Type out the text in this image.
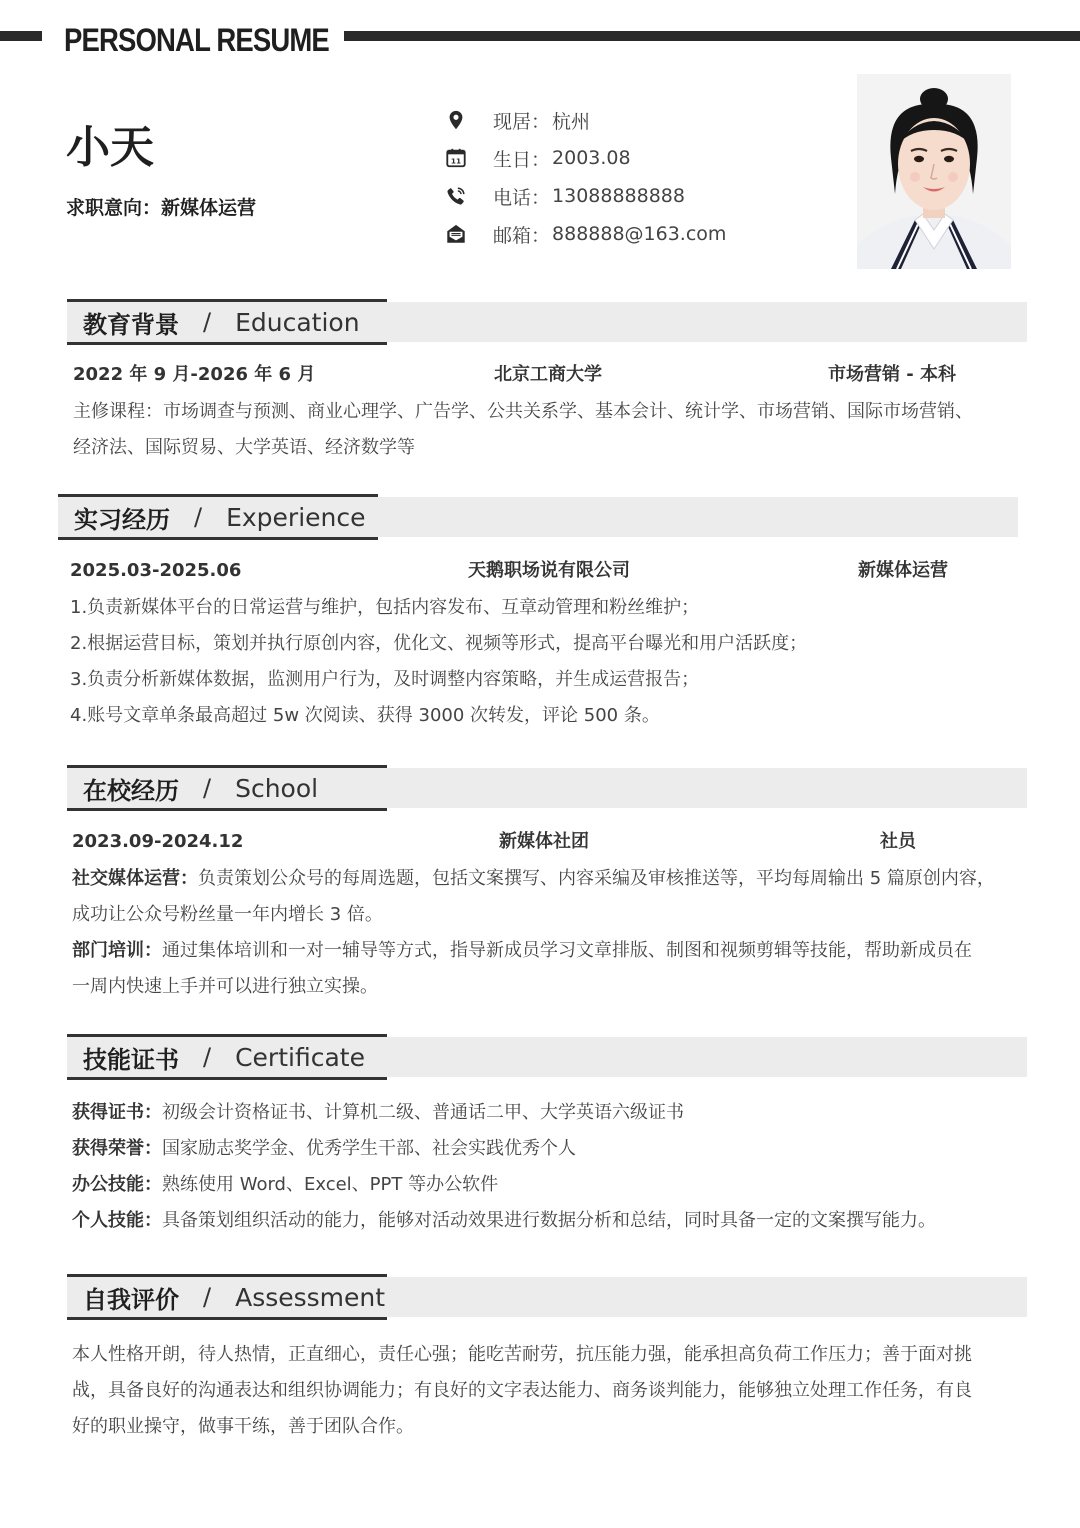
PERSONAL RESUME
小天
求职意向：新媒体运营
现居： 杭州
11 生日： 2003.08
电话： 13088888888
邮箱： 888888@163.com
教育背景 / Education
2022 年 9 月-2026 年 6 月	北京工商大学	市场营销 - 本科
主修课程：市场调查与预测、商业心理学、广告学、公共关系学、基本会计、统计学、市场营销、国际市场营销、
经济法、国际贸易、大学英语、经济数学等
实习经历 / Experience
2025.03-2025.06	天鹅职场说有限公司	新媒体运营
1.负责新媒体平台的日常运营与维护，包括内容发布、互章动管理和粉丝维护；
2.根据运营目标，策划并执行原创内容，优化文、视频等形式，提高平台曝光和用户活跃度；
3.负责分析新媒体数据，监测用户行为，及时调整内容策略，并生成运营报告；
4.账号文章单条最高超过 5w 次阅读、获得 3000 次转发，评论 500 条。
在校经历 / School
2023.09-2024.12	新媒体社团	社员
社交媒体运营：负责策划公众号的每周选题，包括文案撰写、内容采编及审核推送等，平均每周输出 5 篇原创内容，
成功让公众号粉丝量一年内增长 3 倍。
部门培训：通过集体培训和一对一辅导等方式，指导新成员学习文章排版、制图和视频剪辑等技能，帮助新成员在
一周内快速上手并可以进行独立实操。
技能证书 / Certificate
获得证书：初级会计资格证书、计算机二级、普通话二甲、大学英语六级证书
获得荣誉：国家励志奖学金、优秀学生干部、社会实践优秀个人
办公技能：熟练使用 Word、Excel、PPT 等办公软件
个人技能：具备策划组织活动的能力，能够对活动效果进行数据分析和总结，同时具备一定的文案撰写能力。
自我评价 / Assessment
本人性格开朗，待人热情，正直细心，责任心强；能吃苦耐劳，抗压能力强，能承担高负荷工作压力；善于面对挑
战，具备良好的沟通表达和组织协调能力；有良好的文字表达能力、商务谈判能力，能够独立处理工作任务，有良
好的职业操守，做事干练，善于团队合作。
